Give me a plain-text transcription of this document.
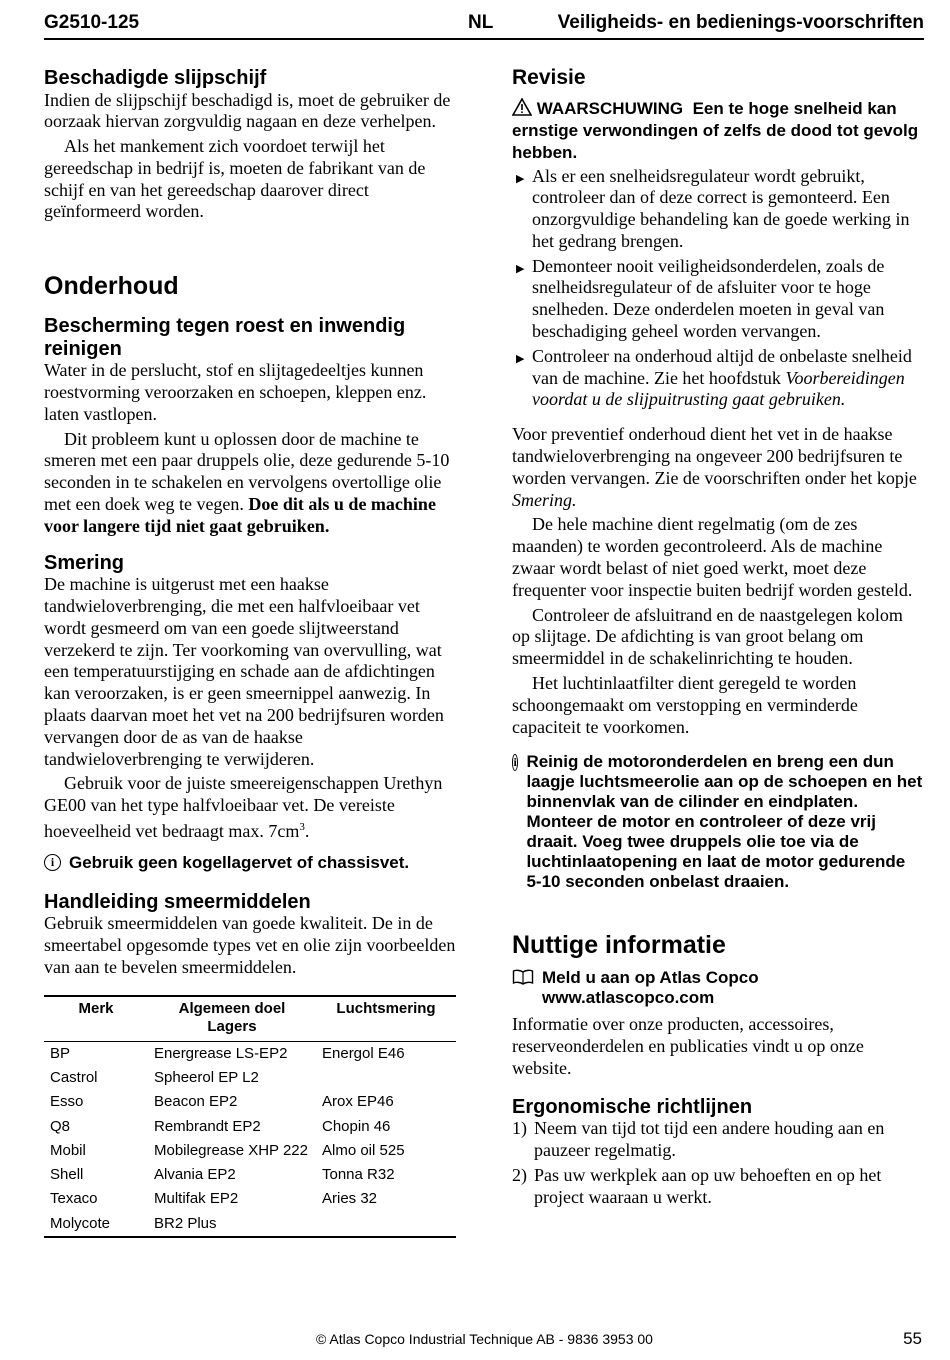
G2510-125	NL	Veiligheids- en bedienings-voorschriften
Beschadigde slijpschijf

Indien de slijpschijf beschadigd is, moet de gebruiker de oorzaak hiervan zorgvuldig nagaan en deze verhelpen.

Als het mankement zich voordoet terwijl het gereedschap in bedrijf is, moeten de fabrikant van de schijf en van het gereedschap daarover direct geïnformeerd worden.

Onderhoud
Bescherming tegen roest en inwendig reinigen

Water in de perslucht, stof en slijtagedeeltjes kunnen roestvorming veroorzaken en schoepen, kleppen enz. laten vastlopen.

Dit probleem kunt u oplossen door de machine te smeren met een paar druppels olie, deze gedurende 5-10 seconden in te schakelen en vervolgens overtollige olie met een doek weg te vegen. Doe dit als u de machine voor langere tijd niet gaat gebruiken.

Smering

De machine is uitgerust met een haakse tandwieloverbrenging, die met een halfvloeibaar vet wordt gesmeerd om van een goede slijtweerstand verzekerd te zijn. Ter voorkoming van overvulling, wat een temperatuurstijging en schade aan de afdichtingen kan veroorzaken, is er geen smeernippel aanwezig. In plaats daarvan moet het vet na 200 bedrijfsuren worden vervangen door de as van de haakse tandwieloverbrenging te verwijderen.

Gebruik voor de juiste smeereigenschappen Urethyn GE00 van het type halfvloeibaar vet. De vereiste hoeveelheid vet bedraagt max. $7cm^3$.

i Gebruik geen kogellagervet of chassisvet.
Handleiding smeermiddelen

Gebruik smeermiddelen van goede kwaliteit. De in de smeertabel opgesomde types vet en olie zijn voorbeelden van aan te bevelen smeermiddelen.

Merk	Algemeen doel Lagers	Luchtsmering
BP	Energrease LS-EP2	Energol E46
Castrol	Spheerol EP L2	
Esso	Beacon EP2	Arox EP46
Q8	Rembrandt EP2	Chopin 46
Mobil	Mobilegrease XHP 222	Almo oil 525
Shell	Alvania EP2	Tonna R32
Texaco	Multifak EP2	Aries 32
Molycote	BR2 Plus	
Revisie

WAARSCHUWING Een te hoge snelheid kan ernstige verwondingen of zelfs de dood tot gevolg hebben.

▶ Als er een snelheidsregulateur wordt gebruikt, controleer dan of deze correct is gemonteerd. Een onzorgvuldige behandeling kan de goede werking in het gedrang brengen.
▶ Demonteer nooit veiligheidsonderdelen, zoals de snelheidsregulateur of de afsluiter voor te hoge snelheden. Deze onderdelen moeten in geval van beschadiging geheel worden vervangen.
▶ Controleer na onderhoud altijd de onbelaste snelheid van de machine. Zie het hoofdstuk Voorbereidingen voordat u de slijpuitrusting gaat gebruiken.

Voor preventief onderhoud dient het vet in de haakse tandwieloverbrenging na ongeveer 200 bedrijfsuren te worden vervangen. Zie de voorschriften onder het kopje Smering.

De hele machine dient regelmatig (om de zes maanden) te worden gecontroleerd. Als de machine zwaar wordt belast of niet goed werkt, moet deze frequenter voor inspectie buiten bedrijf worden gesteld.

Controleer de afsluitrand en de naastgelegen kolom op slijtage. De afdichting is van groot belang om smeermiddel in de schakelinrichting te houden.

Het luchtinlaatfilter dient geregeld te worden schoongemaakt om verstopping en verminderde capaciteit te voorkomen.

i Reinig de motoronderdelen en breng een dun laagje luchtsmeerolie aan op de schoepen en het binnenvlak van de cilinder en eindplaten.
Monteer de motor en controleer of deze vrij draait. Voeg twee druppels olie toe via de luchtinlaatopening en laat de motor gedurende 5-10 seconden onbelast draaien.
Nuttige informatie
Meld u aan op Atlas Copco www.atlascopco.com

Informatie over onze producten, accessoires, reserveonderdelen en publicaties vindt u op onze website.

Ergonomische richtlijnen
1) Neem van tijd tot tijd een andere houding aan en pauzeer regelmatig.
2) Pas uw werkplek aan op uw behoeften en op het project waaraan u werkt.
© Atlas Copco Industrial Technique AB - 9836 3953 00	55
